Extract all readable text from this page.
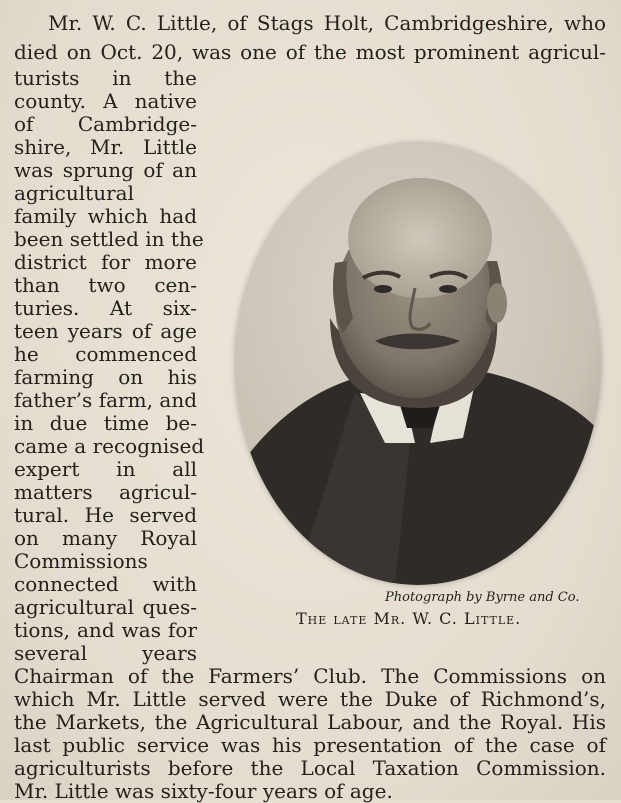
Mr. W. C. Little, of Stags Holt, Cambridgeshire, who

died on Oct. 20, was one of the most prominent agricul-

turists in the

county. A native

of Cambridge-

shire, Mr. Little

was sprung of an

agricultural

family which had

been settled in the

district for more

than two cen-

turies. At six-

teen years of age

he commenced

farming on his

father’s farm, and

in due time be-

came a recognised

expert in all

matters agricul-

tural. He served

on many Royal

Commissions

connected with

agricultural ques-

tions, and was for

several years

Chairman of the Farmers’ Club. The Commissions on

which Mr. Little served were the Duke of Richmond’s,

the Markets, the Agricultural Labour, and the Royal. His

last public service was his presentation of the case of

agriculturists before the Local Taxation Commission.

Mr. Little was sixty-four years of age.

Photograph by Byrne and Co.
The late Mr. W. C. Little.
